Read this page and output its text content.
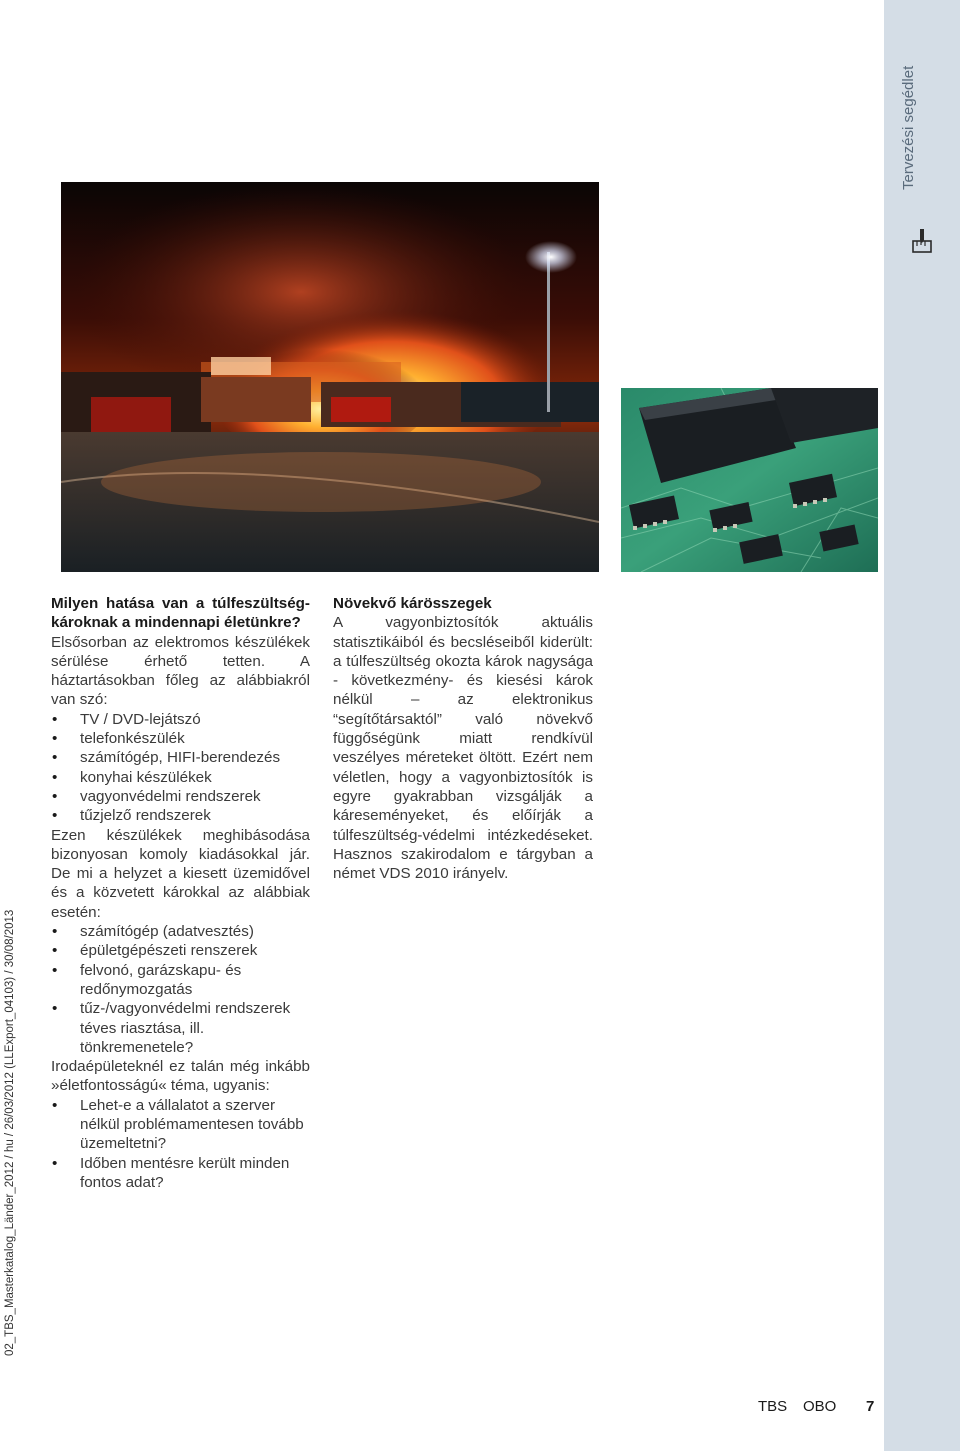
Tervezési segédlet
02_TBS_Masterkatalog_Länder_2012 / hu / 26/03/2012 (LLExport_04103) / 30/08/2013
Milyen hatása van a túlfeszültség-károknak a mindennapi életünkre?

Elsősorban az elektromos készülékek sérülése érhető tetten. A háztartásokban főleg az alábbiakról van szó:

• TV / DVD-lejátszó
• telefonkészülék
• számítógép, HIFI-berendezés
• konyhai készülékek
• vagyonvédelmi rendszerek
• tűzjelző rendszerek

Ezen készülékek meghibásodása bizonyosan komoly kiadásokkal jár. De mi a helyzet a kiesett üzemidővel és a közvetett károkkal az alábbiak esetén:

• számítógép (adatvesztés)
• épületgépészeti renszerek
• felvonó, garázskapu- és redőnymozgatás
• tűz-/vagyonvédelmi rendszerek téves riasztása, ill. tönkremenetele?

Irodaépületeknél ez talán még inkább »életfontosságú« téma, ugyanis:

• Lehet-e a vállalatot a szerver nélkül problémamentesen tovább üzemeltetni?
• Időben mentésre került minden fontos adat?
Növekvő kárösszegek

A vagyonbiztosítók aktuális statisztikáiból és becsléseiből kiderült: a túlfeszültség okozta károk nagysága - következmény- és kiesési károk nélkül – az elektronikus “segítőtársaktól” való növekvő függőségünk miatt rendkívül veszélyes méreteket öltött. Ezért nem véletlen, hogy a vagyonbiztosítók is egyre gyakrabban vizsgálják a káreseményeket, és előírják a túlfeszültség-védelmi intézkedéseket. Hasznos szakirodalom e tárgyban a német VDS 2010 irányelv.

TBS OBO 7
